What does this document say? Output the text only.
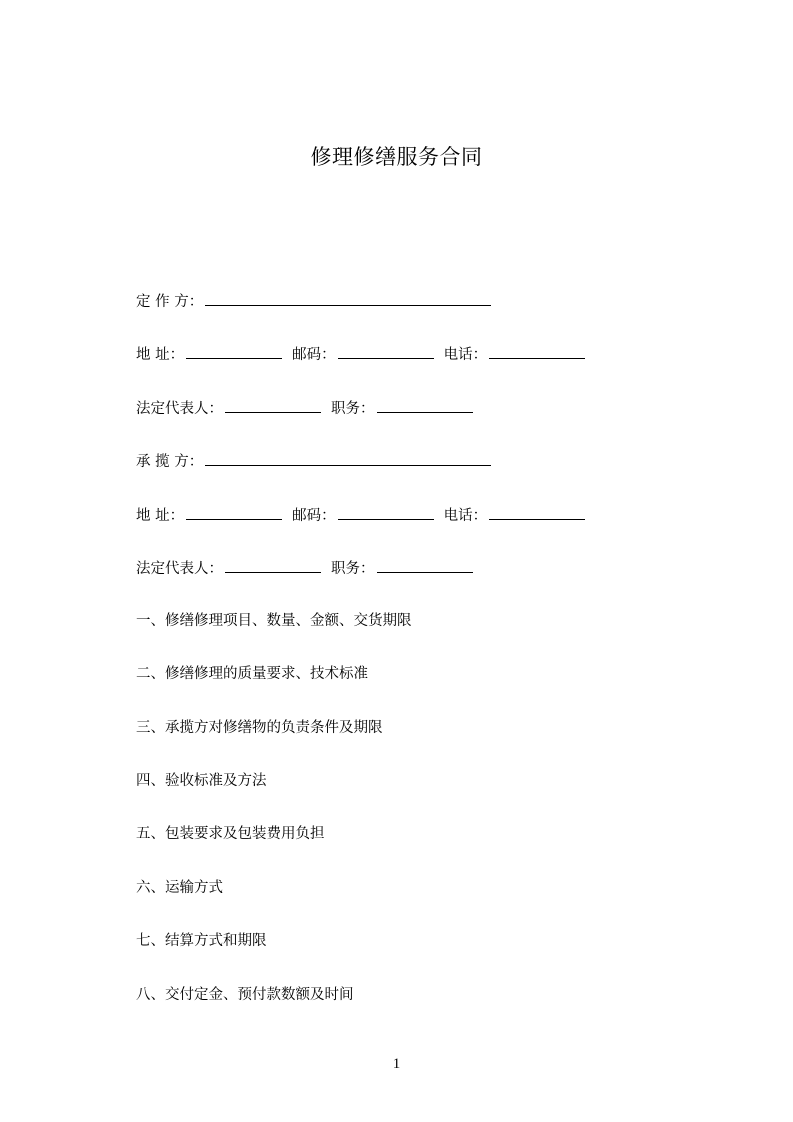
修理修缮服务合同
定 作 方：
地 址：	邮码：	电话：
法定代表人：	职务：
承 揽 方：
地 址：	邮码：	电话：
法定代表人：	职务：
一、修缮修理项目、数量、金额、交货期限
二、修缮修理的质量要求、技术标准
三、承揽方对修缮物的负责条件及期限
四、验收标准及方法
五、包装要求及包装费用负担
六、运输方式
七、结算方式和期限
八、交付定金、预付款数额及时间
1
